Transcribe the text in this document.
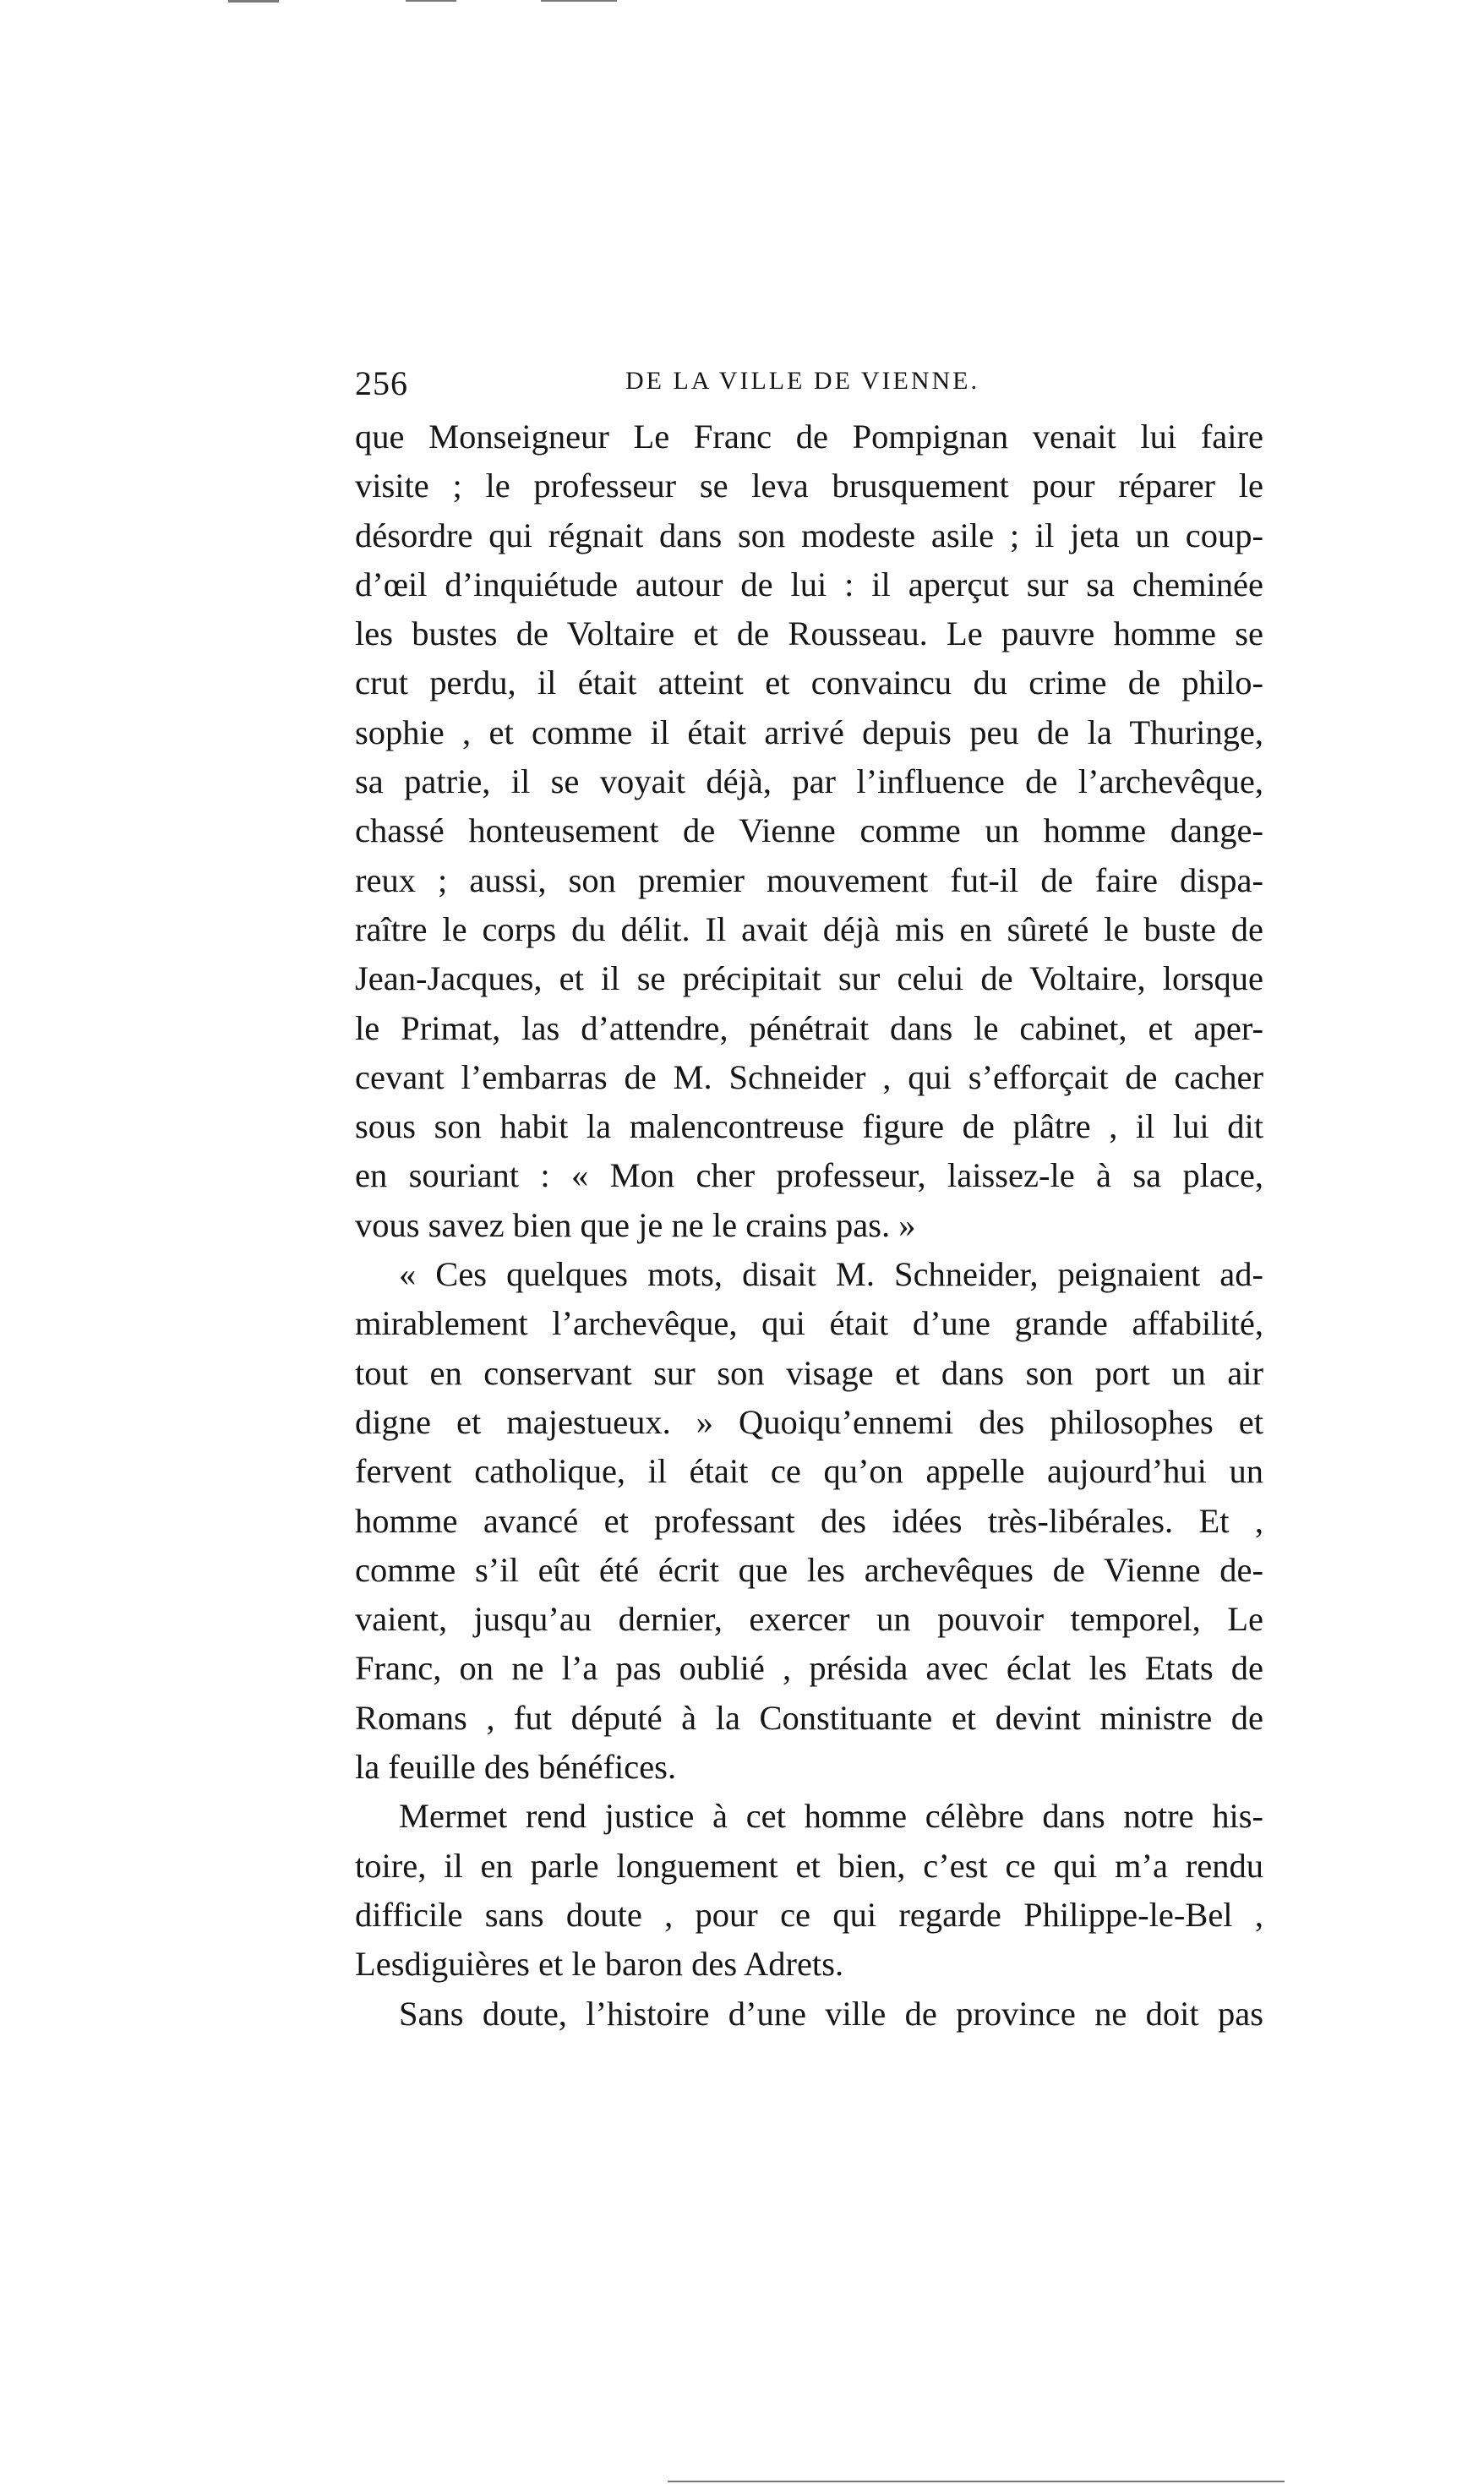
256	DE LA VILLE DE VIENNE.
que Monseigneur Le Franc de Pompignan venait lui faire
visite ; le professeur se leva brusquement pour réparer le
désordre qui régnait dans son modeste asile ; il jeta un coup-
d’œil d’inquiétude autour de lui : il aperçut sur sa cheminée
les bustes de Voltaire et de Rousseau. Le pauvre homme se
crut perdu, il était atteint et convaincu du crime de philo-
sophie , et comme il était arrivé depuis peu de la Thuringe,
sa patrie, il se voyait déjà, par l’influence de l’archevêque,
chassé honteusement de Vienne comme un homme dange-
reux ; aussi, son premier mouvement fut-il de faire dispa-
raître le corps du délit. Il avait déjà mis en sûreté le buste de
Jean-Jacques, et il se précipitait sur celui de Voltaire, lorsque
le Primat, las d’attendre, pénétrait dans le cabinet, et aper-
cevant l’embarras de M. Schneider , qui s’efforçait de cacher
sous son habit la malencontreuse figure de plâtre , il lui dit
en souriant : « Mon cher professeur, laissez-le à sa place,
vous savez bien que je ne le crains pas. »
« Ces quelques mots, disait M. Schneider, peignaient ad-
mirablement l’archevêque, qui était d’une grande affabilité,
tout en conservant sur son visage et dans son port un air
digne et majestueux. » Quoiqu’ennemi des philosophes et
fervent catholique, il était ce qu’on appelle aujourd’hui un
homme avancé et professant des idées très-libérales. Et ,
comme s’il eût été écrit que les archevêques de Vienne de-
vaient, jusqu’au dernier, exercer un pouvoir temporel, Le
Franc, on ne l’a pas oublié , présida avec éclat les Etats de
Romans , fut député à la Constituante et devint ministre de
la feuille des bénéfices.
Mermet rend justice à cet homme célèbre dans notre his-
toire, il en parle longuement et bien, c’est ce qui m’a rendu
difficile sans doute , pour ce qui regarde Philippe-le-Bel ,
Lesdiguières et le baron des Adrets.
Sans doute, l’histoire d’une ville de province ne doit pas
